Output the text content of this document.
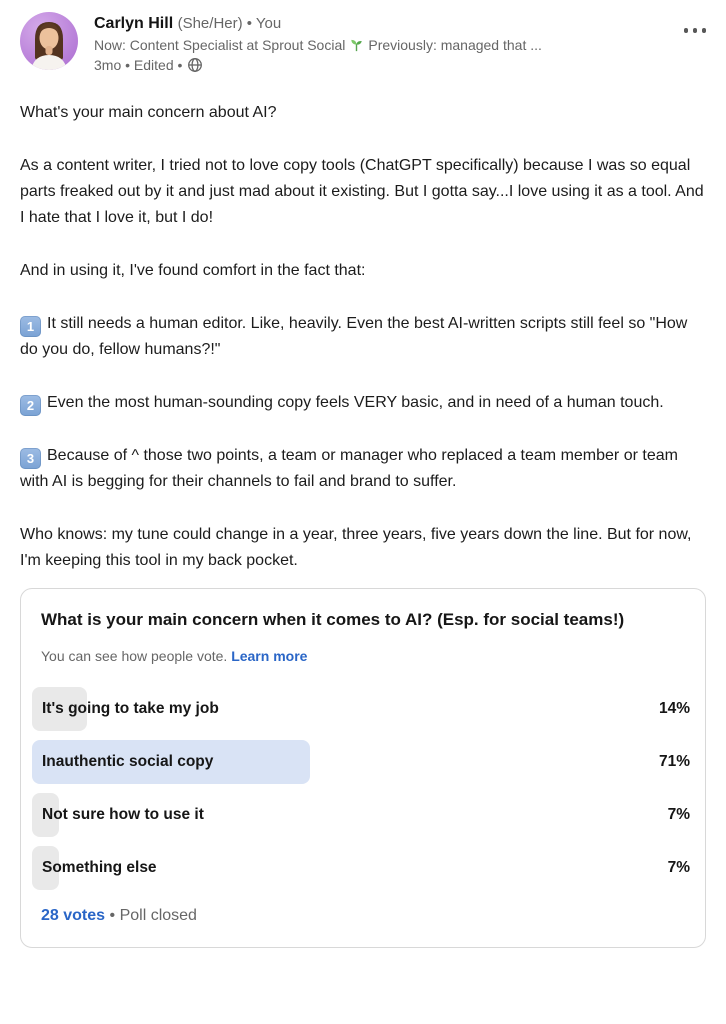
Carlyn Hill (She/Her) • You
Now: Content Specialist at Sprout Social Previously: managed that ...
3mo • Edited •

What's your main concern about AI?

As a content writer, I tried not to love copy tools (ChatGPT specifically) because I was so equal parts freaked out by it and just mad about it existing. But I gotta say...I love using it as a tool. And I hate that I love it, but I do!

And in using it, I've found comfort in the fact that:

1 It still needs a human editor. Like, heavily. Even the best AI-written scripts still feel so "How do you do, fellow humans?!"

2 Even the most human-sounding copy feels VERY basic, and in need of a human touch.

3 Because of ^ those two points, a team or manager who replaced a team member or team with AI is begging for their channels to fail and brand to suffer.

Who knows: my tune could change in a year, three years, five years down the line. But for now, I'm keeping this tool in my back pocket.

What is your main concern when it comes to AI? (Esp. for social teams!)
You can see how people vote. Learn more
It's going to take my job	14%
Inauthentic social copy	71%
Not sure how to use it	7%
Something else	7%
28 votes • Poll closed
